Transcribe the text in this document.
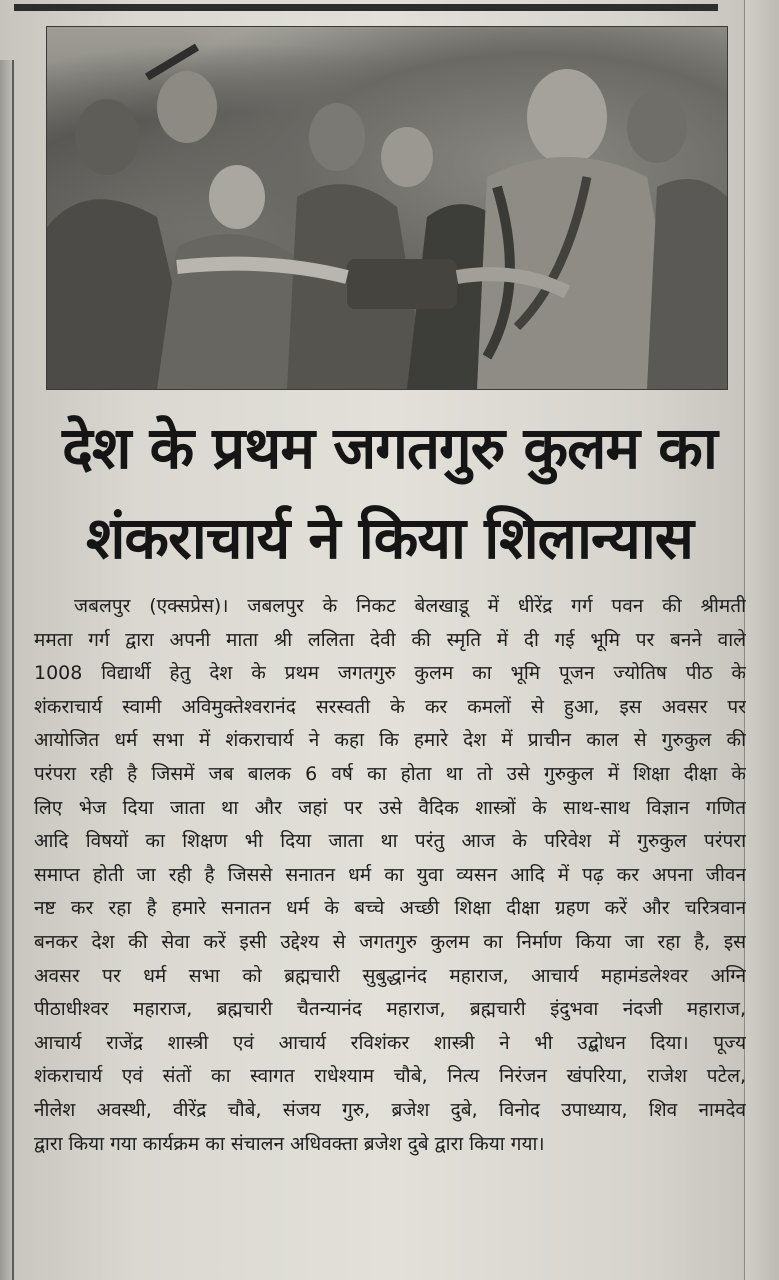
देश के प्रथम जगतगुरु कुलम का
शंकराचार्य ने किया शिलान्यास
जबलपुर (एक्सप्रेस)। जबलपुर के निकट बेलखाडू में धीरेंद्र गर्ग पवन की श्रीमती
ममता गर्ग द्वारा अपनी माता श्री ललिता देवी की स्मृति में दी गई भूमि पर बनने वाले
1008 विद्यार्थी हेतु देश के प्रथम जगतगुरु कुलम का भूमि पूजन ज्योतिष पीठ के
शंकराचार्य स्वामी अविमुक्तेश्वरानंद सरस्वती के कर कमलों से हुआ, इस अवसर पर
आयोजित धर्म सभा में शंकराचार्य ने कहा कि हमारे देश में प्राचीन काल से गुरुकुल की
परंपरा रही है जिसमें जब बालक 6 वर्ष का होता था तो उसे गुरुकुल में शिक्षा दीक्षा के
लिए भेज दिया जाता था और जहां पर उसे वैदिक शास्त्रों के साथ-साथ विज्ञान गणित
आदि विषयों का शिक्षण भी दिया जाता था परंतु आज के परिवेश में गुरुकुल परंपरा
समाप्त होती जा रही है जिससे सनातन धर्म का युवा व्यसन आदि में पढ़ कर अपना जीवन
नष्ट कर रहा है हमारे सनातन धर्म के बच्चे अच्छी शिक्षा दीक्षा ग्रहण करें और चरित्रवान
बनकर देश की सेवा करें इसी उद्देश्य से जगतगुरु कुलम का निर्माण किया जा रहा है, इस
अवसर पर धर्म सभा को ब्रह्मचारी सुबुद्धानंद महाराज, आचार्य महामंडलेश्वर अग्नि
पीठाधीश्वर महाराज, ब्रह्मचारी चैतन्यानंद महाराज, ब्रह्मचारी इंदुभवा नंदजी महाराज,
आचार्य राजेंद्र शास्त्री एवं आचार्य रविशंकर शास्त्री ने भी उद्बोधन दिया। पूज्य
शंकराचार्य एवं संतों का स्वागत राधेश्याम चौबे, नित्य निरंजन खंपरिया, राजेश पटेल,
नीलेश अवस्थी, वीरेंद्र चौबे, संजय गुरु, ब्रजेश दुबे, विनोद उपाध्याय, शिव नामदेव
द्वारा किया गया कार्यक्रम का संचालन अधिवक्ता ब्रजेश दुबे द्वारा किया गया।
